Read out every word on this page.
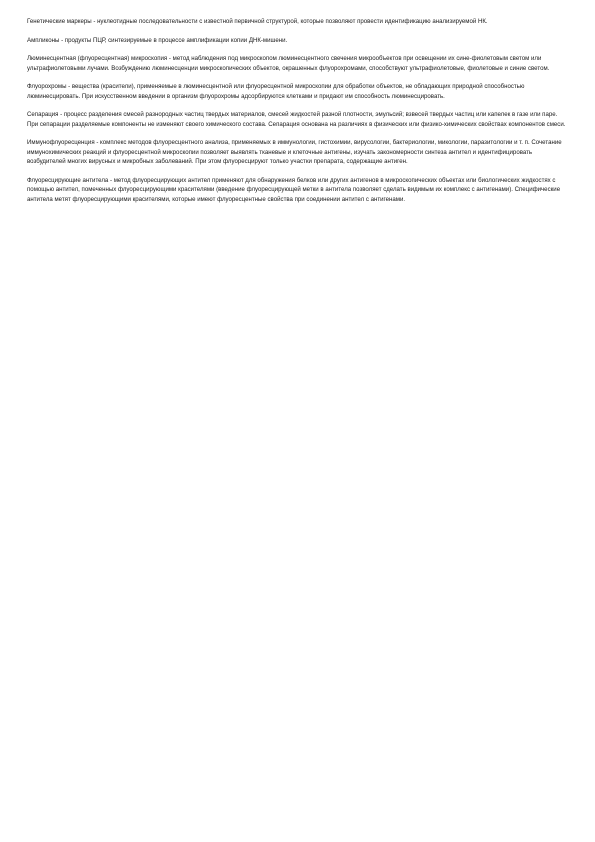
Генетические маркеры - нуклеотидные последовательности с известной первичной структурой, которые позволяют провести идентификацию анализируемой НК.

Ампликоны - продукты ПЦР, синтезируемые в процессе амплификации копии ДНК-мишени.

Люминесцентная (флуоресцентная) микроскопия - метод наблюдения под микроскопом люминесцентного свечения микрообъектов при освещении их сине-фиолетовым светом или ультрафиолетовыми лучами. Возбуждению люминесценции микроскопических объектов, окрашенных флуорохромами, способствуют ультрафиолетовые, фиолетовые и синие светом.

Флуорохромы - вещества (красители), применяемые в люминесцентной или флуоресцентной микроскопии для обработки объектов, не обладающих природной способностью люминесцировать. При искусственном введении в организм флуорохромы адсорбируются клетками и придают им способность люминесцировать.

Сепарация - процесс разделения смесей разнородных частиц твердых материалов, смесей жидкостей разной плотности, эмульсий; взвесей твердых частиц или капелек в газе или паре. При сепарации разделяемые компоненты не изменяют своего химического состава. Сепарация основана на различиях в физических или физико-химических свойствах компонентов смеси.

Иммунофлуоресценция - комплекс методов флуоресцентного анализа, применяемых в иммунологии, гистохимии, вирусологии, бактериологии, микологии, паразитологии и т. п. Сочетание иммунохимических реакций и флуоресцентной микроскопии позволяет выявлять тканевые и клеточные антигены, изучать закономерности синтеза антител и идентифицировать возбудителей многих вирусных и микробных заболеваний. При этом флуоресцируют только участки препарата, содержащие антиген.

Флуоресцирующие антитела - метод флуоресцирующих антител применяют для обнаружения белков или других антигенов в микроскопических объектах или биологических жидкостях с помощью антител, помеченных флуоресцирующими красителями (введение флуоресцирующей метки в антитела позволяет сделать видимым их комплекс с антигенами). Специфические антитела метят флуоресцирующими красителями, которые имеют флуоресцентные свойства при соединении антител с антигенами.
